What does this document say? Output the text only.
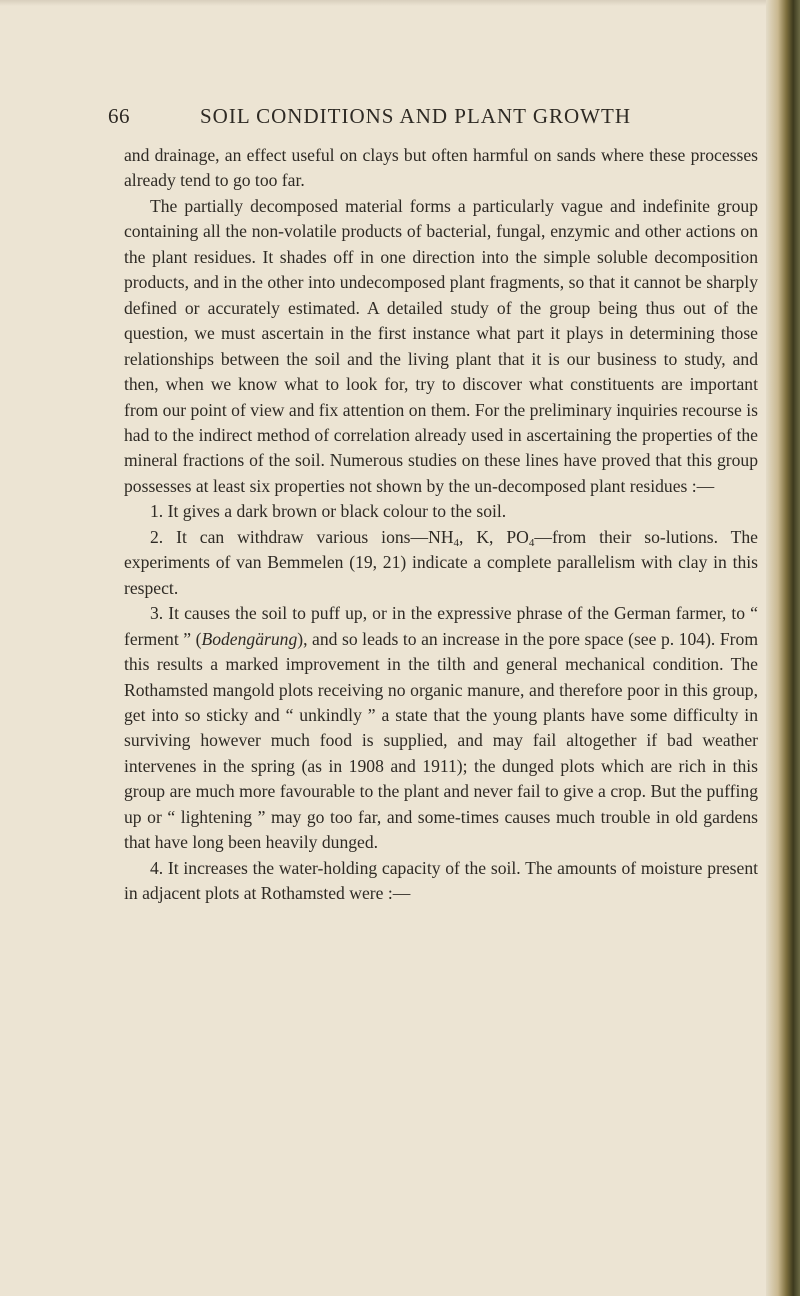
66	SOIL CONDITIONS AND PLANT GROWTH

and drainage, an effect useful on clays but often harmful on sands where these processes already tend to go too far.

The partially decomposed material forms a particularly vague and indefinite group containing all the non-volatile products of bacterial, fungal, enzymic and other actions on the plant residues. It shades off in one direction into the simple soluble decomposition products, and in the other into undecomposed plant fragments, so that it cannot be sharply defined or accurately estimated. A detailed study of the group being thus out of the question, we must ascertain in the first instance what part it plays in determining those relationships between the soil and the living plant that it is our business to study, and then, when we know what to look for, try to discover what constituents are important from our point of view and fix attention on them. For the preliminary inquiries recourse is had to the indirect method of correlation already used in ascertaining the properties of the mineral fractions of the soil. Numerous studies on these lines have proved that this group possesses at least six properties not shown by the un-decomposed plant residues :—

1. It gives a dark brown or black colour to the soil.

2. It can withdraw various $ions—NH_4$, K, $PO_4—from$ their so-lutions. The experiments of van Bemmelen (19, 21) indicate a complete parallelism with clay in this respect.

3. It causes the soil to puff up, or in the expressive phrase of the German farmer, to “ ferment ” (Bodengärung), and so leads to an increase in the pore space (see p. 104). From this results a marked improvement in the tilth and general mechanical condition. The Rothamsted mangold plots receiving no organic manure, and therefore poor in this group, get into so sticky and “ unkindly ” a state that the young plants have some difficulty in surviving however much food is supplied, and may fail altogether if bad weather intervenes in the spring (as in 1908 and 1911); the dunged plots which are rich in this group are much more favourable to the plant and never fail to give a crop. But the puffing up or “ lightening ” may go too far, and some-times causes much trouble in old gardens that have long been heavily dunged.

4. It increases the water-holding capacity of the soil. The amounts of moisture present in adjacent plots at Rothamsted were :—
